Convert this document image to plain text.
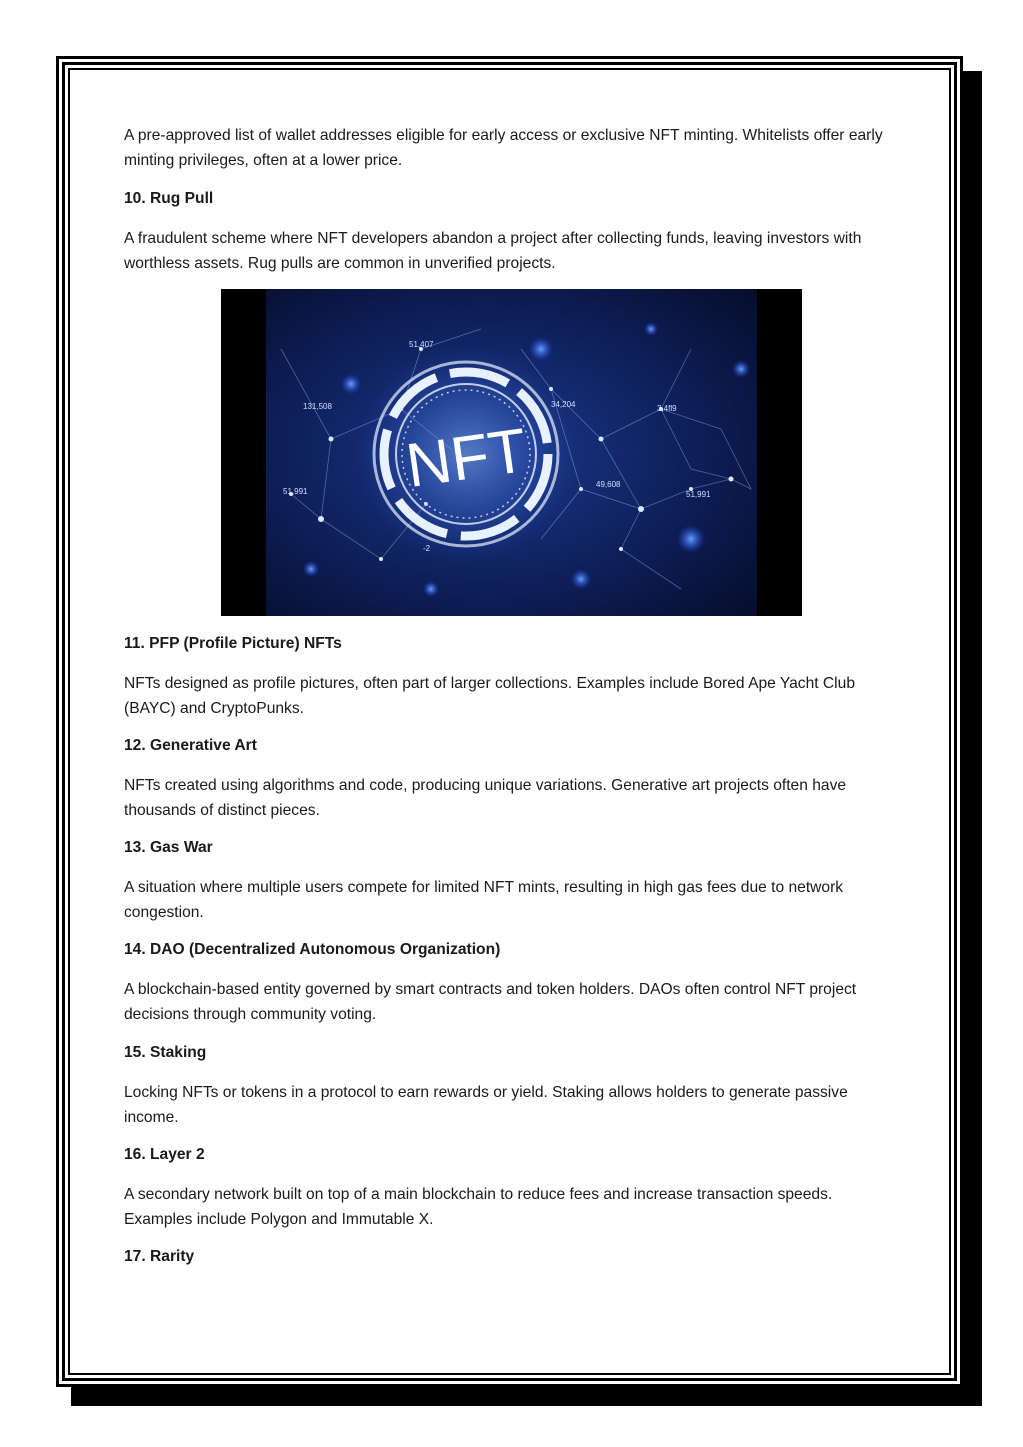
A pre-approved list of wallet addresses eligible for early access or exclusive NFT minting. Whitelists offer early minting privileges, often at a lower price.

10. Rug Pull

A fraudulent scheme where NFT developers abandon a project after collecting funds, leaving investors with worthless assets. Rug pulls are common in unverified projects.

11. PFP (Profile Picture) NFTs

NFTs designed as profile pictures, often part of larger collections. Examples include Bored Ape Yacht Club (BAYC) and CryptoPunks.

12. Generative Art

NFTs created using algorithms and code, producing unique variations. Generative art projects often have thousands of distinct pieces.

13. Gas War

A situation where multiple users compete for limited NFT mints, resulting in high gas fees due to network congestion.

14. DAO (Decentralized Autonomous Organization)

A blockchain-based entity governed by smart contracts and token holders. DAOs often control NFT project decisions through community voting.

15. Staking

Locking NFTs or tokens in a protocol to earn rewards or yield. Staking allows holders to generate passive income.

16. Layer 2

A secondary network built on top of a main blockchain to reduce fees and increase transaction speeds. Examples include Polygon and Immutable X.

17. Rarity

NFT
51,407
131,508
51,991
34,204	3,4fl9
49,608
51,991
-2
